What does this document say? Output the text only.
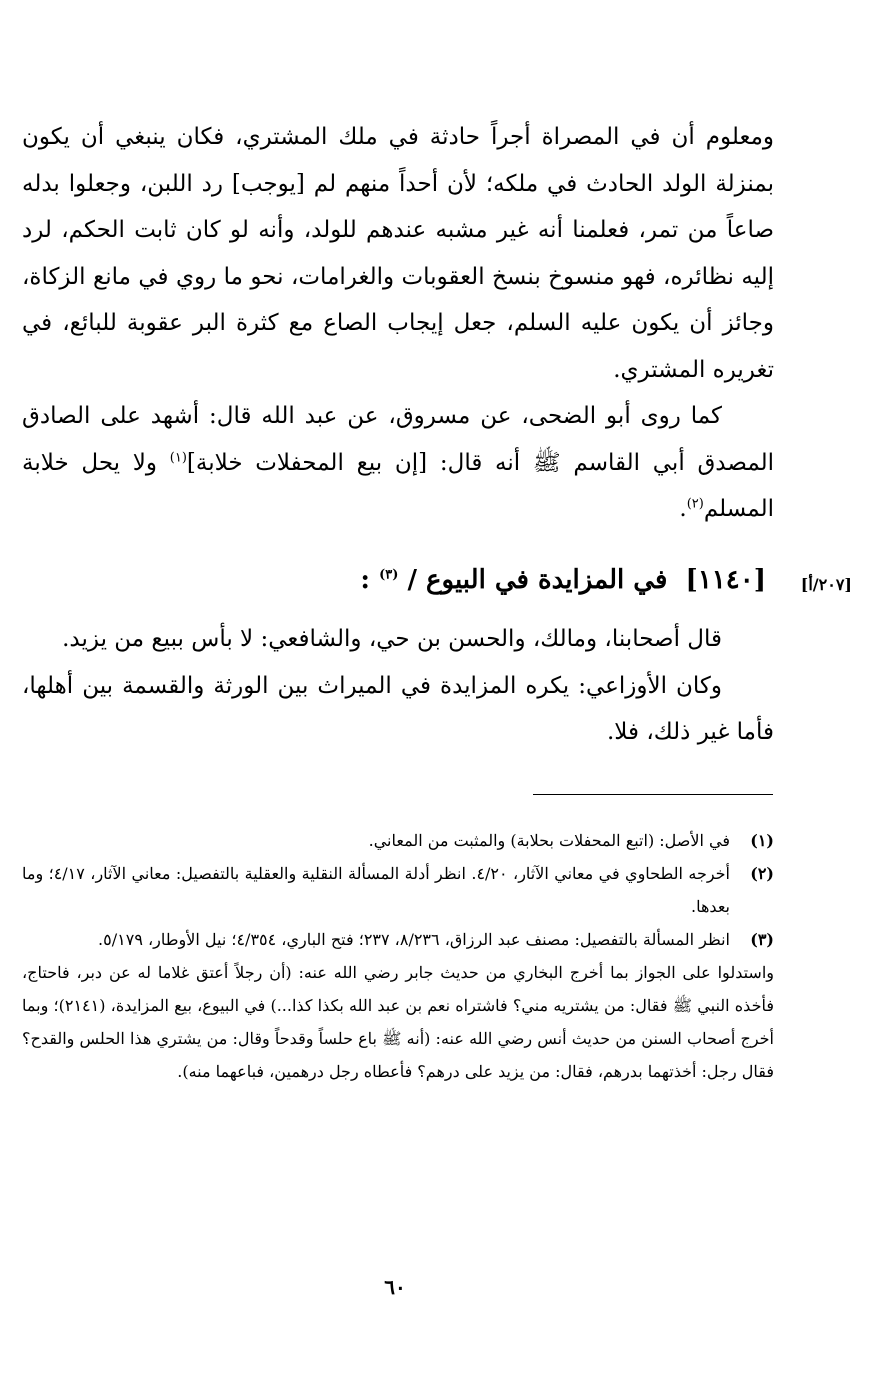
ومعلوم أن في المصراة أجراً حادثة في ملك المشتري، فكان ينبغي أن يكون بمنزلة الولد الحادث في ملكه؛ لأن أحداً منهم لم [يوجب] رد اللبن، وجعلوا بدله صاعاً من تمر، فعلمنا أنه غير مشبه عندهم للولد، وأنه لو كان ثابت الحكم، لرد إليه نظائره، فهو منسوخ بنسخ العقوبات والغرامات، نحو ما روي في مانع الزكاة، وجائز أن يكون عليه السلم، جعل إيجاب الصاع مع كثرة البر عقوبة للبائع، في تغريره المشتري.

كما روى أبو الضحى، عن مسروق، عن عبد الله قال: أشهد على الصادق المصدق أبي القاسم ﷺ أنه قال: [إن بيع المحفلات خلابة]$^{(١)}$ ولا يحل خلابة المسلم$^{(٢)}$.

[٢٠٧/أ]
[١١٤٠]  في المزايدة في البيوع / $^{(٣)}$ :

قال أصحابنا، ومالك، والحسن بن حي، والشافعي: لا بأس ببيع من يزيد.

وكان الأوزاعي: يكره المزايدة في الميراث بين الورثة والقسمة بين أهلها، فأما غير ذلك، فلا.

(١)
في الأصل: (اتبع المحفلات بحلابة) والمثبت من المعاني.
(٢)
أخرجه الطحاوي في معاني الآثار، ٤/٢٠. انظر أدلة المسألة النقلية والعقلية بالتفصيل: معاني الآثار، ٤/١٧؛ وما بعدها.
(٣)
انظر المسألة بالتفصيل: مصنف عبد الرزاق، ٨/٢٣٦، ٢٣٧؛ فتح الباري، ٤/٣٥٤؛ نيل الأوطار، ٥/١٧٩.

واستدلوا على الجواز بما أخرج البخاري من حديث جابر رضي الله عنه: (أن رجلاً أعتق غلاما له عن دبر، فاحتاج، فأخذه النبي ﷺ فقال: من يشتريه مني؟ فاشتراه نعم بن عبد الله بكذا كذا...) في البيوع، بيع المزايدة، (٢١٤١)؛ وبما أخرج أصحاب السنن من حديث أنس رضي الله عنه: (أنه ﷺ باع حلساً وقدحاً وقال: من يشتري هذا الحلس والقدح؟ فقال رجل: أخذتهما بدرهم، فقال: من يزيد على درهم؟ فأعطاه رجل درهمين، فباعهما منه).

٦٠
